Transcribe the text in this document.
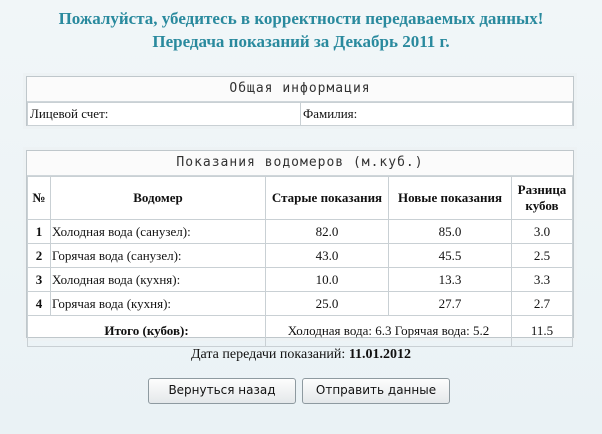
Пожалуйста, убедитесь в корректности передаваемых данных!
Передача показаний за Декабрь 2011 г.
Общая информация
Лицевой счет:	Фамилия:
Показания водомеров (м.куб.)
№	Водомер	Старые показания	Новые показания	Разница кубов
1	Холодная вода (санузел):	82.0	85.0	3.0
2	Горячая вода (санузел):	43.0	45.5	2.5
3	Холодная вода (кухня):	10.0	13.3	3.3
4	Горячая вода (кухня):	25.0	27.7	2.7
Итого (кубов):		Холодная вода: 6.3 Горячая вода: 5.2		11.5
Дата передачи показаний: 11.01.2012
Вернуться назад	Отправить данные
